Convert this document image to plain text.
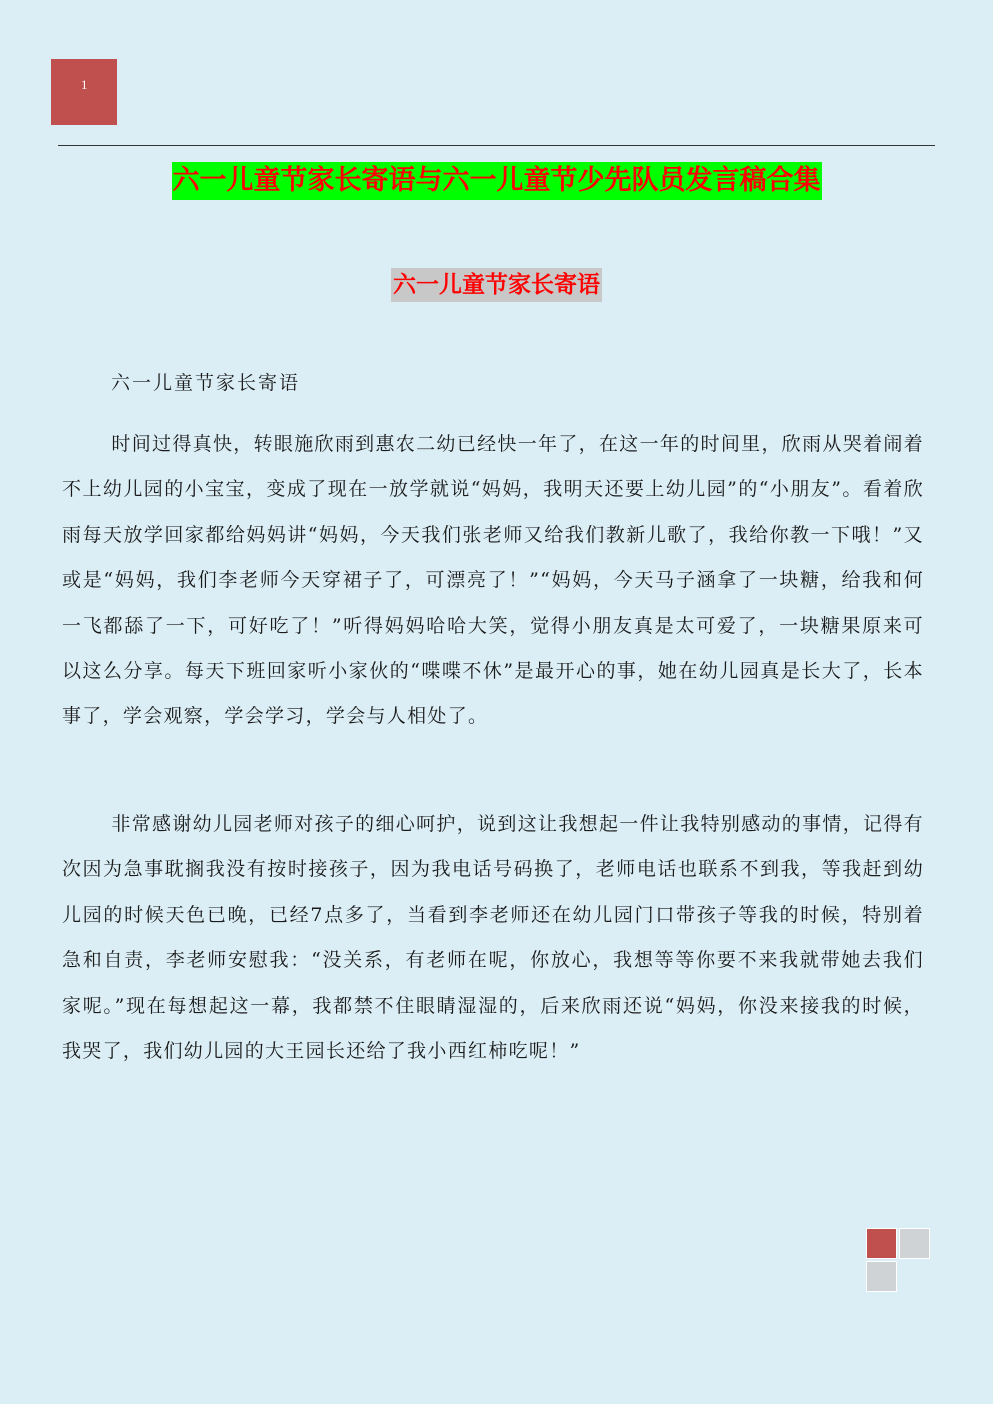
1
六一儿童节家长寄语与六一儿童节少先队员发言稿合集
六一儿童节家长寄语
六一儿童节家长寄语

时间过得真快，转眼施欣雨到惠农二幼已经快一年了，在这一年的时间里，欣雨从哭着闹着不上幼儿园的小宝宝，变成了现在一放学就说“妈妈，我明天还要上幼儿园”的“小朋友”。看着欣雨每天放学回家都给妈妈讲“妈妈，今天我们张老师又给我们教新儿歌了，我给你教一下哦！”又或是“妈妈，我们李老师今天穿裙子了，可漂亮了！”“妈妈，今天马子涵拿了一块糖，给我和何一飞都舔了一下，可好吃了！”听得妈妈哈哈大笑，觉得小朋友真是太可爱了，一块糖果原来可以这么分享。每天下班回家听小家伙的“喋喋不休”是最开心的事，她在幼儿园真是长大了，长本事了，学会观察，学会学习，学会与人相处了。

非常感谢幼儿园老师对孩子的细心呵护，说到这让我想起一件让我特别感动的事情，记得有次因为急事耽搁我没有按时接孩子，因为我电话号码换了，老师电话也联系不到我，等我赶到幼儿园的时候天色已晚，已经7点多了，当看到李老师还在幼儿园门口带孩子等我的时候，特别着急和自责，李老师安慰我：“没关系，有老师在呢，你放心，我想等等你要不来我就带她去我们家呢。”现在每想起这一幕，我都禁不住眼睛湿湿的，后来欣雨还说“妈妈，你没来接我的时候，我哭了，我们幼儿园的大王园长还给了我小西红柿吃呢！”
